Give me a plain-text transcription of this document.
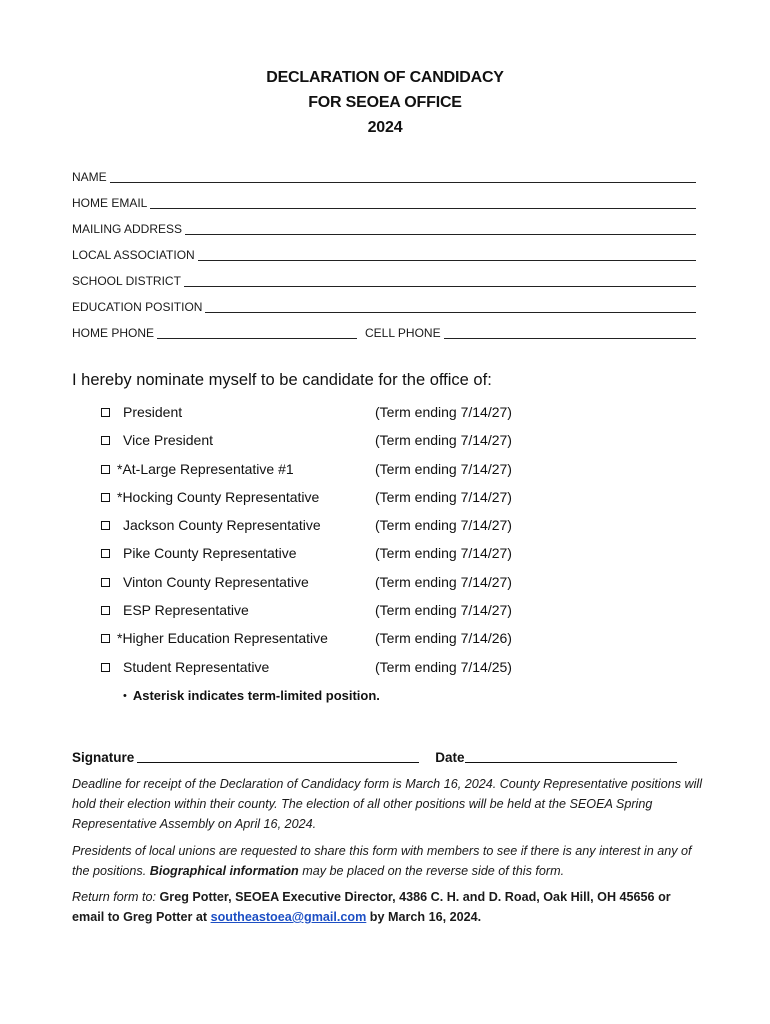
DECLARATION OF CANDIDACY
FOR SEOEA OFFICE
2024
NAME
HOME EMAIL
MAILING ADDRESS
LOCAL ASSOCIATION
SCHOOL DISTRICT
EDUCATION POSITION
HOME PHONE	CELL PHONE
I hereby nominate myself to be candidate for the office of:
President	(Term ending 7/14/27)
Vice President	(Term ending 7/14/27)
*At-Large Representative #1	(Term ending 7/14/27)
*Hocking County Representative	(Term ending 7/14/27)
Jackson County Representative	(Term ending 7/14/27)
Pike County Representative	(Term ending 7/14/27)
Vinton County Representative	(Term ending 7/14/27)
ESP Representative	(Term ending 7/14/27)
*Higher Education Representative	(Term ending 7/14/26)
Student Representative	(Term ending 7/14/25)
• Asterisk indicates term-limited position.
Signature	Date
Deadline for receipt of the Declaration of Candidacy form is March 16, 2024. County Representative positions will hold their election within their county. The election of all other positions will be held at the SEOEA Spring Representative Assembly on April 16, 2024.
Presidents of local unions are requested to share this form with members to see if there is any interest in any of the positions. Biographical information may be placed on the reverse side of this form.
Return form to: Greg Potter, SEOEA Executive Director, 4386 C. H. and D. Road, Oak Hill, OH 45656 or email to Greg Potter at southeastoea@gmail.com by March 16, 2024.
